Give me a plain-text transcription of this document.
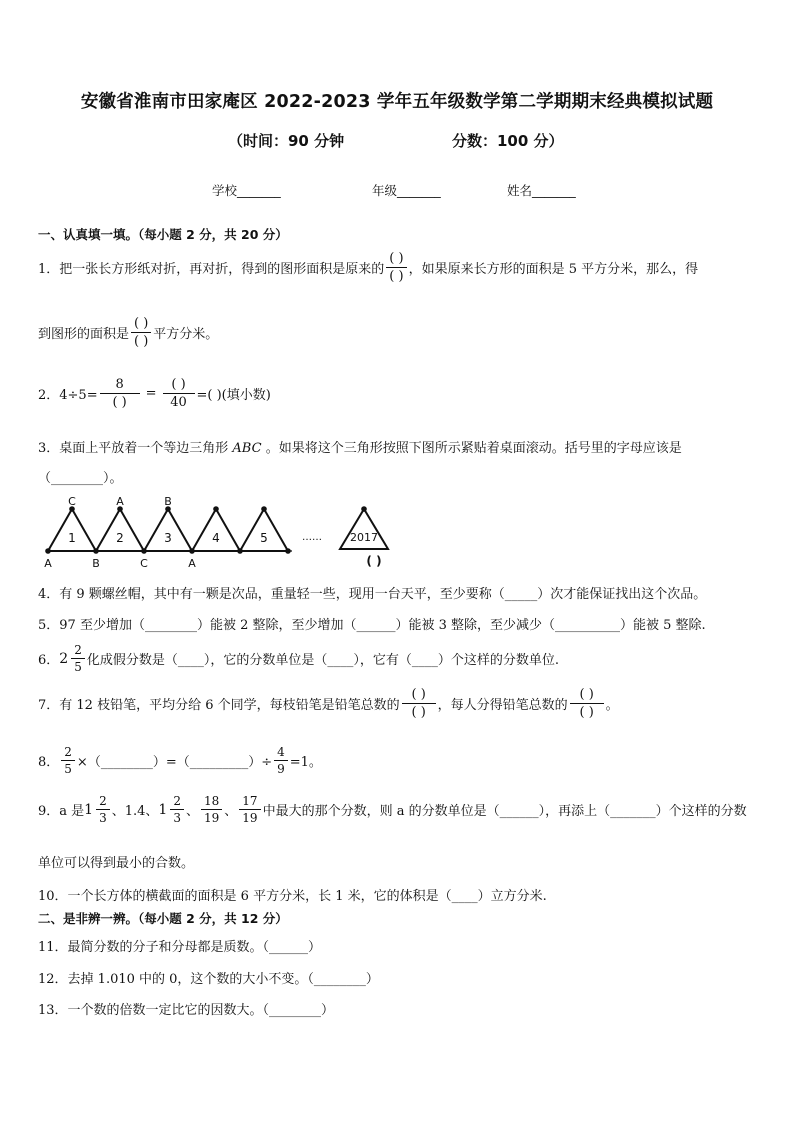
安徽省淮南市田家庵区 2022-2023 学年五年级数学第二学期期末经典模拟试题
（时间：90 分钟	分数：100 分）
学校_______	年级_______	姓名_______
一、认真填一填。（每小题 2 分，共 20 分）
1．把一张长方形纸对折，再对折，得到的图形面积是原来的 $\frac{( )}{( )}$ ，如果原来长方形的面积是 5 平方分米，那么，得
到图形的面积是 $\frac{( )}{( )}$ 平方分米。
2．$4\div 5= \frac{8}{( )} = \frac{( )}{40}$ =( )(填小数)
3．桌面上平放着一个等边三角形 ABC 。如果将这个三角形按照下图所示紧贴着桌面滚动。括号里的字母应该是
（________）。
C	A	B
A	B	C	A
1	2	3	4	5	……	2017
( )
4．有 9 颗螺丝帽，其中有一颗是次品，重量轻一些，现用一台天平，至少要称（_____）次才能保证找出这个次品。
5．97 至少增加（________）能被 2 整除，至少增加（______）能被 3 整除，至少减少（__________）能被 5 整除.
6． $2 \frac{2}{5}$ 化成假分数是（____），它的分数单位是（____），它有（____）个这样的分数单位.
7．有 12 枝铅笔，平均分给 6 个同学，每枝铅笔是铅笔总数的 $\frac{( )}{( )}$ ，每人分得铅笔总数的 $\frac{( )}{( )}$ 。
8． $\frac{2}{5}$ ×（________）=（_________）÷ $\frac{4}{9} =1$。
9．a 是 $1 \frac{2}{3}$ 、1.4、 $1 \frac{2}{3}$ 、 $\frac{18}{19}$ 、 $\frac{17}{19}$ 中最大的那个分数，则 a 的分数单位是（______），再添上（_______）个这样的分数
单位可以得到最小的合数。
10．一个长方体的横截面的面积是 6 平方分米，长 1 米，它的体积是（____）立方分米.
二、是非辨一辨。（每小题 2 分，共 12 分）
11．最简分数的分子和分母都是质数。（______）
12．去掉 1.010 中的 0，这个数的大小不变。（________）
13．一个数的倍数一定比它的因数大。（________）
